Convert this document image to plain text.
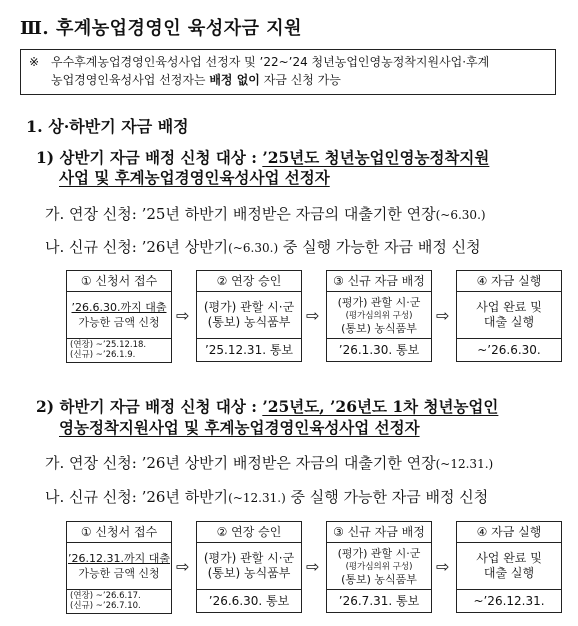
Ⅲ. 후계농업경영인 육성자금 지원
※ 우수후계농업경영인육성사업 선정자 및 ’22~’24 청년농업인영농정착지원사업·후계
농업경영인육성사업 선정자는 배정 없이 자금 신청 가능
1. 상·하반기 자금 배정
1) 상반기 자금 배정 신청 대상 : ’25년도 청년농업인영농정착지원
사업 및 후계농업경영인육성사업 선정자
가. 연장 신청: ’25년 하반기 배정받은 자금의 대출기한 연장(~6.30.)
나. 신규 신청: ’26년 상반기(~6.30.) 중 실행 가능한 자금 배정 신청
① 신청서 접수
’26.6.30.까지 대출
가능한 금액 신청
(연장) ~’25.12.18.
(신규) ~’26.1.9.
⇨
② 연장 승인
(평가) 관할 시·군
(통보) 농식품부
’25.12.31. 통보
⇨
③ 신규 자금 배정
(평가) 관할 시·군
(평가심의위 구성)
(통보) 농식품부
’26.1.30. 통보
⇨
④ 자금 실행
사업 완료 및
대출 실행
~’26.6.30.
2) 하반기 자금 배정 신청 대상 : ’25년도, ’26년도 1차 청년농업인
영농정착지원사업 및 후계농업경영인육성사업 선정자
가. 연장 신청: ’26년 상반기 배정받은 자금의 대출기한 연장(~12.31.)
나. 신규 신청: ’26년 하반기(~12.31.) 중 실행 가능한 자금 배정 신청
① 신청서 접수
’26.12.31.까지 대출
가능한 금액 신청
(연장) ~’26.6.17.
(신규) ~’26.7.10.
⇨
② 연장 승인
(평가) 관할 시·군
(통보) 농식품부
’26.6.30. 통보
⇨
③ 신규 자금 배정
(평가) 관할 시·군
(평가심의위 구성)
(통보) 농식품부
’26.7.31. 통보
⇨
④ 자금 실행
사업 완료 및
대출 실행
~’26.12.31.
